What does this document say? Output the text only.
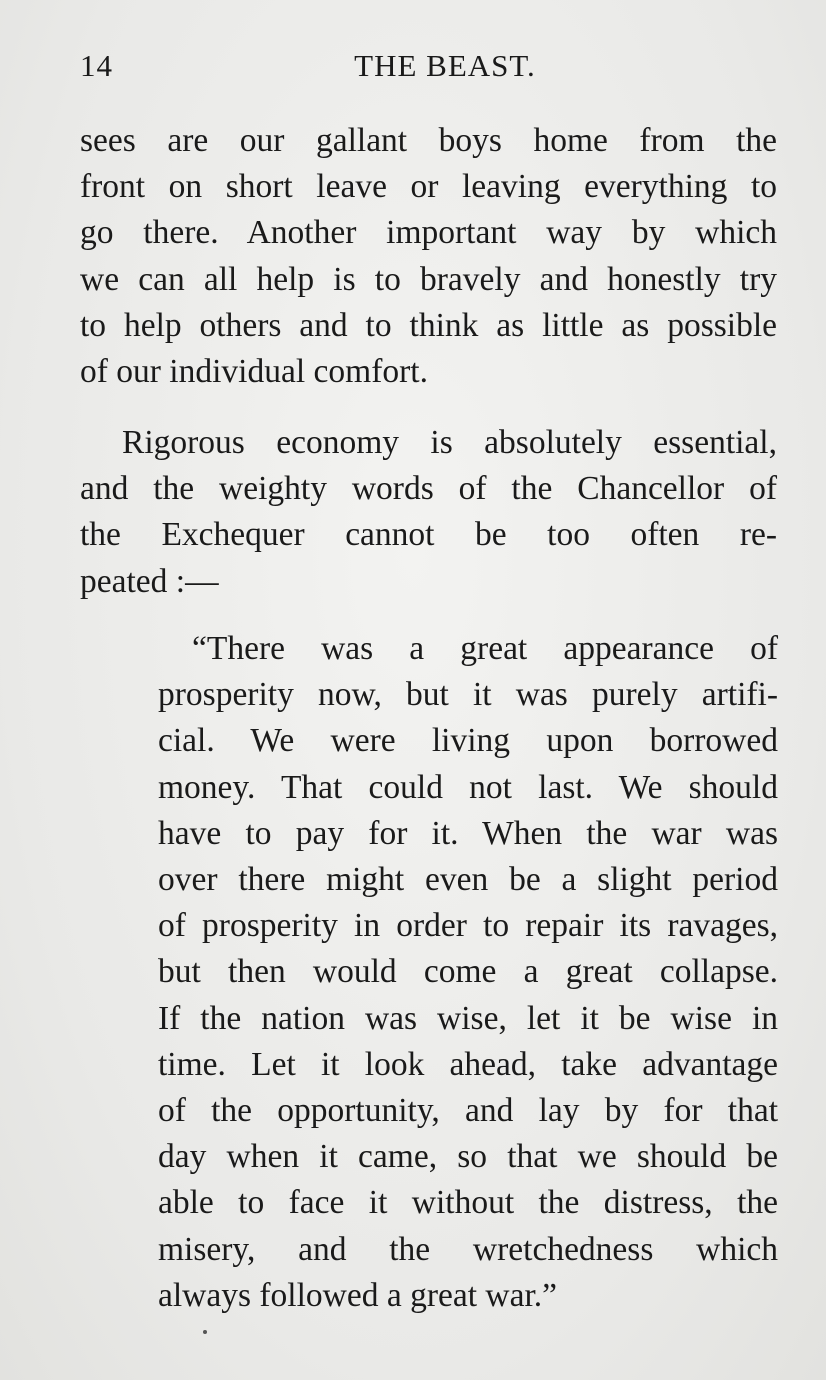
14	THE BEAST.
sees are our gallant boys home from the
front on short leave or leaving everything to
go there. Another important way by which
we can all help is to bravely and honestly try
to help others and to think as little as possible
of our individual comfort.
Rigorous economy is absolutely essential,
and the weighty words of the Chancellor of
the Exchequer cannot be too often re-
peated :—
“There was a great appearance of
prosperity now, but it was purely artifi-
cial. We were living upon borrowed
money. That could not last. We should
have to pay for it. When the war was
over there might even be a slight period
of prosperity in order to repair its ravages,
but then would come a great collapse.
If the nation was wise, let it be wise in
time. Let it look ahead, take advantage
of the opportunity, and lay by for that
day when it came, so that we should be
able to face it without the distress, the
misery, and the wretchedness which
always followed a great war.”
